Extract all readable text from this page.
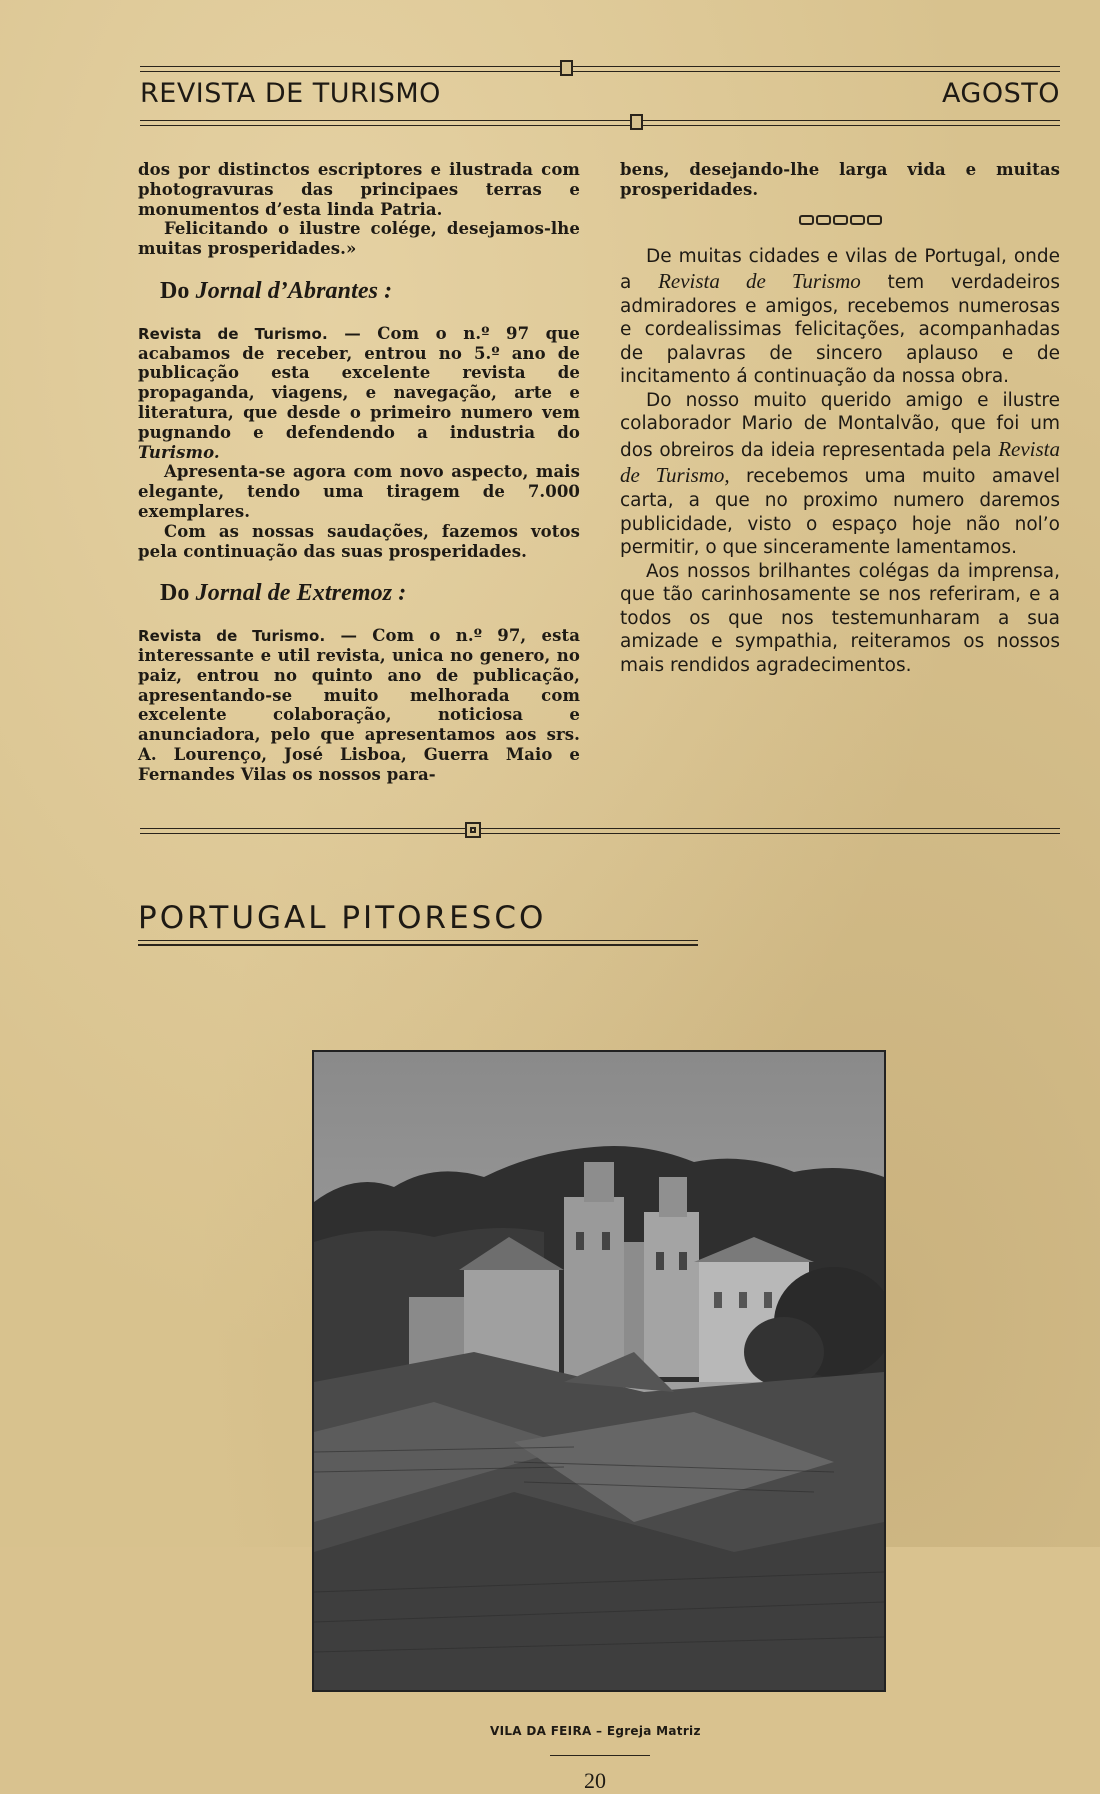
REVISTA DE TURISMO	AGOSTO

dos por distinctos escriptores e ilustrada com photogravuras das principaes terras e monumentos d’esta linda Patria.

Felicitando o ilustre colége, desejamos-lhe muitas prosperidades.»

Do Jornal d’Abrantes :

Revista de Turismo. — Com o n.º 97 que acabamos de receber, entrou no 5.º ano de publicação esta excelente revista de propaganda, viagens, e navegação, arte e literatura, que desde o primeiro numero vem pugnando e defendendo a industria do Turismo.

Apresenta-se agora com novo aspecto, mais elegante, tendo uma tiragem de 7.000 exemplares.

Com as nossas saudações, fazemos votos pela continuação das suas prosperidades.

Do Jornal de Extremoz :

Revista de Turismo. — Com o n.º 97, esta interessante e util revista, unica no genero, no paiz, entrou no quinto ano de publicação, apresentando-se muito melhorada com excelente colaboração, noticiosa e anunciadora, pelo que apresentamos aos srs. A. Lourenço, José Lisboa, Guerra Maio e Fernandes Vilas os nossos para-

bens, desejando-lhe larga vida e muitas prosperidades.

De muitas cidades e vilas de Portugal, onde a Revista de Turismo tem verdadeiros admiradores e amigos, recebemos numerosas e cordealissimas felicitações, acompanhadas de palavras de sincero aplauso e de incitamento á continuação da nossa obra.

Do nosso muito querido amigo e ilustre colaborador Mario de Montalvão, que foi um dos obreiros da ideia representada pela Revista de Turismo, recebemos uma muito amavel carta, a que no proximo numero daremos publicidade, visto o espaço hoje não nol’o permitir, o que sinceramente lamentamos.

Aos nossos brilhantes colégas da imprensa, que tão carinhosamente se nos referiram, e a todos os que nos testemunharam a sua amizade e sympathia, reiteramos os nossos mais rendidos agradecimentos.

PORTUGAL PITORESCO
VILA DA FEIRA – Egreja Matriz
20
